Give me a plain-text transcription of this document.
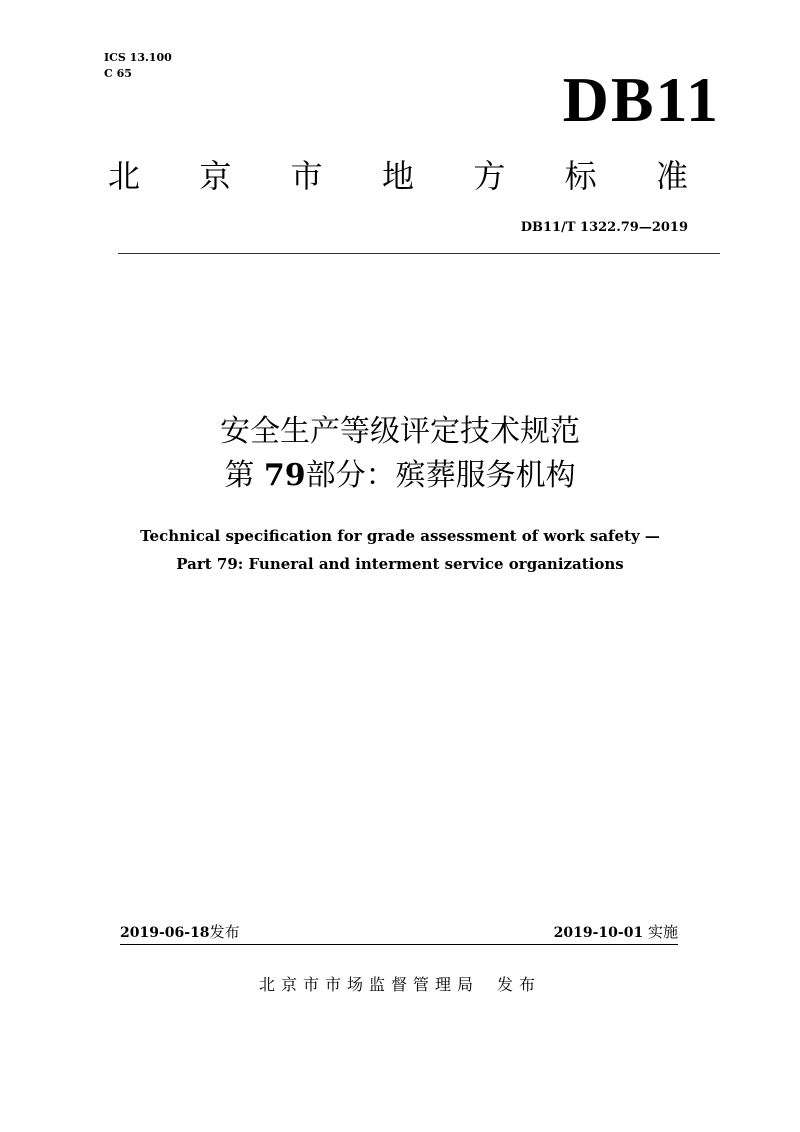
ICS 13.100
C 65	DB11
北 京 市 地 方 标 准
DB11/T 1322.79—2019
安全生产等级评定技术规范
第 79部分：殡葬服务机构
Technical specification for grade assessment of work safety —
Part 79: Funeral and interment service organizations
2019-06-18发布	2019-10-01 实施
北京市市场监督管理局 发布
